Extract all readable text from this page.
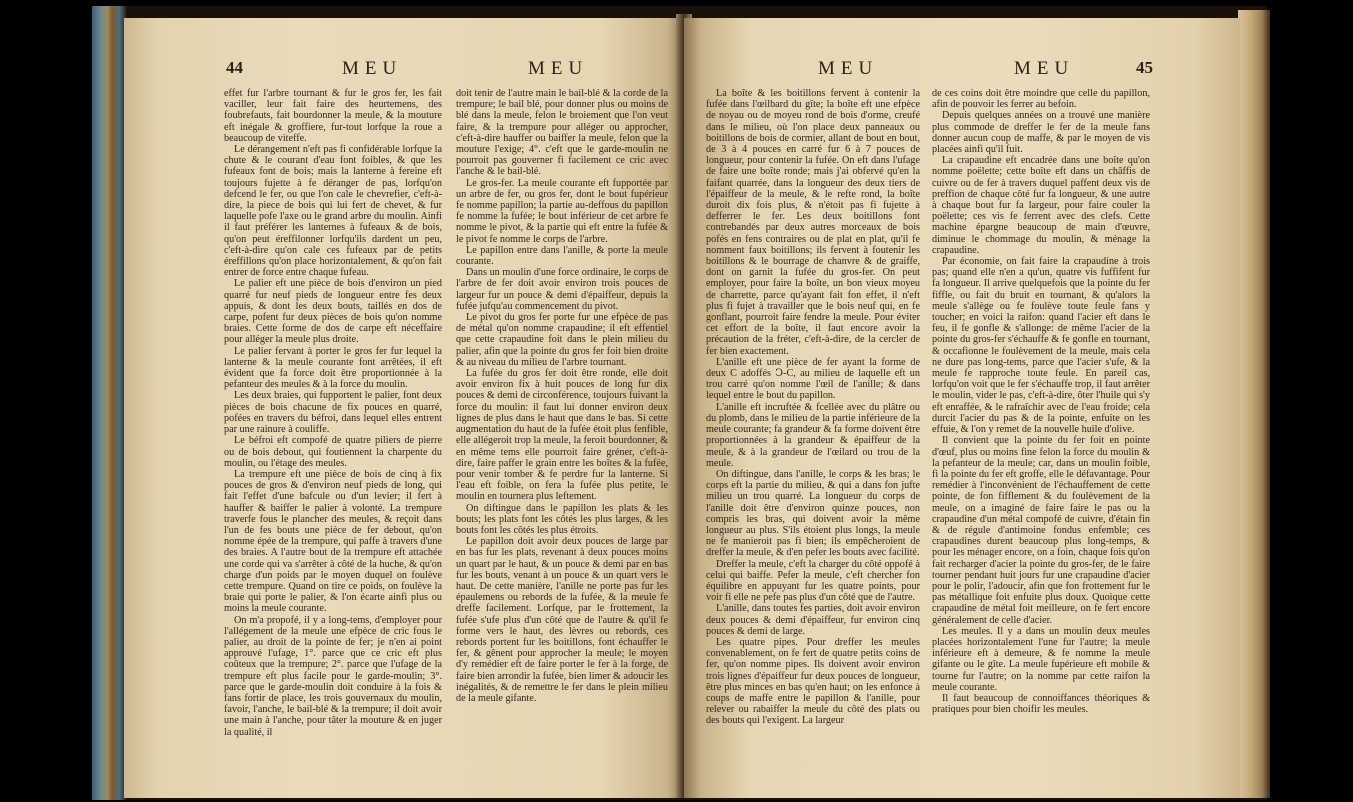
44	MEU	MEU

effet fur l'arbre tournant & fur le gros fer, les fait vaciller, leur fait faire des heurtemens, des foubrefauts, fait bourdonner la meule, & la mouture eft inégale & groffiere, fur-tout lorfque la roue a beaucoup de viteffe.

Le dérangement n'eft pas fi confidérable lorfque la chute & le courant d'eau font foibles, & que les fufeaux font de bois; mais la lanterne à fereine eft toujours fujette à fe déranger de pas, lorfqu'on defcend le fer, ou que l'on cale le chevrefier, c'eft-à-dire, la piece de bois qui lui fert de chevet, & fur laquelle pofe l'axe ou le grand arbre du moulin. Ainfi il faut préférer les lanternes à fufeaux & de bois, qu'on peut éreffilonner lorfqu'ils dardent un peu, c'eft-à-dire qu'on cale ces fufeaux par de petits éreffillons qu'on place horizontalement, & qu'on fait entrer de force entre chaque fufeau.

Le palier eft une pièce de bois d'environ un pied quarré fur neuf pieds de longueur entre fes deux appuis, & dont les deux bouts, taillés en dos de carpe, pofent fur deux pièces de bois qu'on nomme braies. Cette forme de dos de carpe eft néceffaire pour alléger la meule plus droite.

Le palier fervant à porter le gros fer fur lequel la lanterne & la meule courante font arrêtées, il eft évident que fa force doit être proportionnée à la pefanteur des meules & à la force du moulin.

Les deux braies, qui fupportent le palier, font deux pièces de bois chacune de fix pouces en quarré, pofées en travers du béfroi, dans lequel elles entrent par une rainure à couliffe.

Le béfroi eft compofé de quatre piliers de pierre ou de bois debout, qui foutiennent la charpente du moulin, ou l'étage des meules.

La trempure eft une pièce de bois de cinq à fix pouces de gros & d'environ neuf pieds de long, qui fait l'effet d'une bafcule ou d'un levier; il fert à hauffer & baiffer le palier à volonté. La trempure traverfe fous le plancher des meules, & reçoit dans l'un de fes bouts une pièce de fer debout, qu'on nomme épée de la trempure, qui paffe à travers d'une des braies. A l'autre bout de la trempure eft attachée une corde qui va s'arrêter à côté de la huche, & qu'on charge d'un poids par le moyen duquel on foulève cette trempure. Quand on tire ce poids, on foulève la braie qui porte le palier, & l'on écarte ainfi plus ou moins la meule courante.

On m'a propofé, il y a long-tems, d'employer pour l'allégement de la meule une efpèce de cric fous le palier, au droit de la pointe de fer; je n'en ai point approuvé l'ufage, 1°. parce que ce cric eft plus coûteux que la trempure; 2°. parce que l'ufage de la trempure eft plus facile pour le garde-moulin; 3°. parce que le garde-moulin doit conduire à la fois & fans fortir de place, les trois gouvernaux du moulin, favoir, l'anche, le bail-blé & la trempure; il doit avoir une main à l'anche, pour tâter la mouture & en juger la qualité, il

doit tenir de l'autre main le bail-blé & la corde de la trempure; le bail blé, pour donner plus ou moins de blé dans la meule, felon le broiement que l'on veut faire, & la trempure pour alléger ou approcher, c'eft-à-dire hauffer ou baiffer la meule, felon que la mouture l'exige; 4°. c'eft que le garde-moulin ne pourroit pas gouverner fi facilement ce cric avec l'anche & le bail-blé.

Le gros-fer. La meule courante eft fupportée par un arbre de fer, ou gros fer, dont le bout fupérieur fe nomme papillon; la partie au-deffous du papillon fe nomme la fufée; le bout inférieur de cet arbre fe nomme le pivot, & la partie qui eft entre la fufée & le pivot fe nomme le corps de l'arbre.

Le papillon entre dans l'anille, & porte la meule courante.

Dans un moulin d'une force ordinaire, le corps de l'arbre de fer doit avoir environ trois pouces de largeur fur un pouce & demi d'épaiffeur, depuis la fufée jufqu'au commencement du pivot.

Le pivot du gros fer porte fur une efpèce de pas de métal qu'on nomme crapaudine; il eft effentiel que cette crapaudine foit dans le plein milieu du palier, afin que la pointe du gros fer foit bien droite & au niveau du milieu de l'arbre tournant.

La fufée du gros fer doit être ronde, elle doit avoir environ fix à huit pouces de long fur dix pouces & demi de circonférence, toujours fuivant la force du moulin: il faut lui donner environ deux lignes de plus dans le haut que dans le bas. Si cette augmentation du haut de la fufée étoit plus fenfible, elle allégeroit trop la meule, la feroit bourdonner, & en même tems elle pourroit faire gréner, c'eft-à-dire, faire paffer le grain entre les boîtes & la fufée, pour venir tomber & fe perdre fur la lanterne. Si l'eau eft foible, on fera la fufée plus petite, le moulin en tournera plus leftement.

On diftingue dans le papillon les plats & les bouts; les plats font les côtés les plus larges, & les bouts font les côtés les plus étroits.

Le papillon doit avoir deux pouces de large par en bas fur les plats, revenant à deux pouces moins un quart par le haut, & un pouce & demi par en bas fur les bouts, venant à un pouce & un quart vers le haut. De cette manière, l'anille ne porte pas fur les épaulemens ou rebords de la fufée, & la meule fe dreffe facilement. Lorfque, par le frottement, la fufée s'ufe plus d'un côté que de l'autre & qu'il fe forme vers le haut, des lèvres ou rebords, ces rebords portent fur les boitillons, font échauffer le fer, & gênent pour approcher la meule; le moyen d'y remédier eft de faire porter le fer à la forge, de faire bien arrondir la fufée, bien limer & adoucir les inégalités, & de remettre le fer dans le plein milieu de la meule gifante.

MEU	MEU	45

La boîte & les boitillons fervent à contenir la fufée dans l'œilbard du gîte; la boîte eft une efpèce de noyau ou de moyeu rond de bois d'orme, creufé dans le milieu, où l'on place deux panneaux ou boitillons de bois de cormier, allant de bout en bout, de 3 à 4 pouces en carré fur 6 à 7 pouces de longueur, pour contenir la fufée. On eft dans l'ufage de faire une boîte ronde; mais j'ai obfervé qu'en la faifant quarrée, dans la longueur des deux tiers de l'épaiffeur de la meule, & le refte rond, la boîte duroit dix fois plus, & n'étoit pas fi fujette à defferrer le fer. Les deux boitillons font contrebandés par deux autres morceaux de bois pofés en fens contraires ou de plat en plat, qu'il fe nomment faux boitillons; ils fervent à foutenir les boitillons & le bourrage de chanvre & de graiffe, dont on garnit la fufée du gros-fer. On peut employer, pour faire la boîte, un bon vieux moyeu de charrette, parce qu'ayant fait fon effet, il n'eft plus fi fujet à travailler que le bois neuf qui, en fe gonflant, pourroit faire fendre la meule. Pour éviter cet effort de la boîte, il faut encore avoir la précaution de la fréter, c'eft-à-dire, de la cercler de fer bien exactement.

L'anille eft une pièce de fer ayant la forme de deux C adoffés Ↄ-C, au milieu de laquelle eft un trou carré qu'on nomme l'œil de l'anille; & dans lequel entre le bout du papillon.

L'anille eft incruftée & fcellée avec du plâtre ou du plomb, dans le milieu de la partie inférieure de la meule courante; fa grandeur & fa forme doivent être proportionnées à la grandeur & épaiffeur de la meule, & à la grandeur de l'œilard ou trou de la meule.

On diftingue, dans l'anille, le corps & les bras; le corps eft la partie du milieu, & qui a dans fon jufte milieu un trou quarré. La longueur du corps de l'anille doit être d'environ quinze pouces, non compris les bras, qui doivent avoir la même longueur au plus. S'ils étoient plus longs, la meule ne fe manieroit pas fi bien; ils empêcheroient de dreffer la meule, & d'en pefer les bouts avec facilité.

Dreffer la meule, c'eft la charger du côté oppofé à celui qui baiffe. Pefer la meule, c'eft chercher fon équilibre en appuyant fur les quatre points, pour voir fi elle ne pefe pas plus d'un côté que de l'autre.

L'anille, dans toutes fes parties, doit avoir environ deux pouces & demi d'épaiffeur, fur environ cinq pouces & demi de large.

Les quatre pipes. Pour dreffer les meules convenablement, on fe fert de quatre petits coins de fer, qu'on nomme pipes. Ils doivent avoir environ trois lignes d'épaiffeur fur deux pouces de longueur, être plus minces en bas qu'en haut; on les enfonce à coups de maffe entre le papillon & l'anille, pour relever ou rabaiffer la meule du côté des plats ou des bouts qui l'exigent. La largeur

de ces coins doit être moindre que celle du papillon, afin de pouvoir les ferrer au befoin.

Depuis quelques années on a trouvé une manière plus commode de dreffer le fer de la meule fans donner aucun coup de maffe, & par le moyen de vis placées ainfi qu'il fuit.

La crapaudine eft encadrée dans une boîte qu'on nomme poëlette; cette boîte eft dans un châffis de cuivre ou de fer à travers duquel paffent deux vis de preffion de chaque côté fur fa longueur, & une autre à chaque bout fur fa largeur, pour faire couler la poëlette; ces vis fe ferrent avec des clefs. Cette machine épargne beaucoup de main d'œuvre, diminue le chommage du moulin, & ménage la crapaudine.

Par économie, on fait faire la crapaudine à trois pas; quand elle n'en a qu'un, quatre vis fuffifent fur fa longueur. Il arrive quelquefois que la pointe du fer fiffle, ou fait du bruit en tournant, & qu'alors la meule s'allège ou fe foulève toute feule fans y toucher; en voici la raifon: quand l'acier eft dans le feu, il fe gonfle & s'allonge: de même l'acier de la pointe du gros-fer s'échauffe & fe gonfle en tournant, & occafionne le foulèvement de la meule, mais cela ne dure pas long-tems, parce que l'acier s'ufe, & la meule fe rapproche toute feule. En pareil cas, lorfqu'on voit que le fer s'échauffe trop, il faut arrêter le moulin, vider le pas, c'eft-à-dire, ôter l'huile qui s'y eft enraffée, & le rafraîchir avec de l'eau froide; cela durcit l'acier du pas & de la pointe, enfuite on les effuie, & l'on y remet de la nouvelle huile d'olive.

Il convient que la pointe du fer foit en pointe d'œuf, plus ou moins fine felon la force du moulin & la pefanteur de la meule; car, dans un moulin foible, fi la pointe du fer eft groffe, elle le défavantage. Pour remédier à l'inconvénient de l'échauffement de cette pointe, de fon fifflement & du foulèvement de la meule, on a imaginé de faire faire le pas ou la crapaudine d'un métal compofé de cuivre, d'étain fin & de régule d'antimoine fondus enfemble; ces crapaudines durent beaucoup plus long-temps, & pour les ménager encore, on a foin, chaque fois qu'on fait recharger d'acier la pointe du gros-fer, de le faire tourner pendant huit jours fur une crapaudine d'acier pour le polir, l'adoucir, afin que fon frottement fur le pas métallique foit enfuite plus doux. Quoique cette crapaudine de métal foit meilleure, on fe fert encore généralement de celle d'acier.

Les meules. Il y a dans un moulin deux meules placées horizontalement l'une fur l'autre; la meule inférieure eft à demeure, & fe nomme la meule gifante ou le gîte. La meule fupérieure eft mobile & tourne fur l'autre; on la nomme par cette raifon la meule courante.

Il faut beaucoup de connoiffances théoriques & pratiques pour bien choifir les meules.
